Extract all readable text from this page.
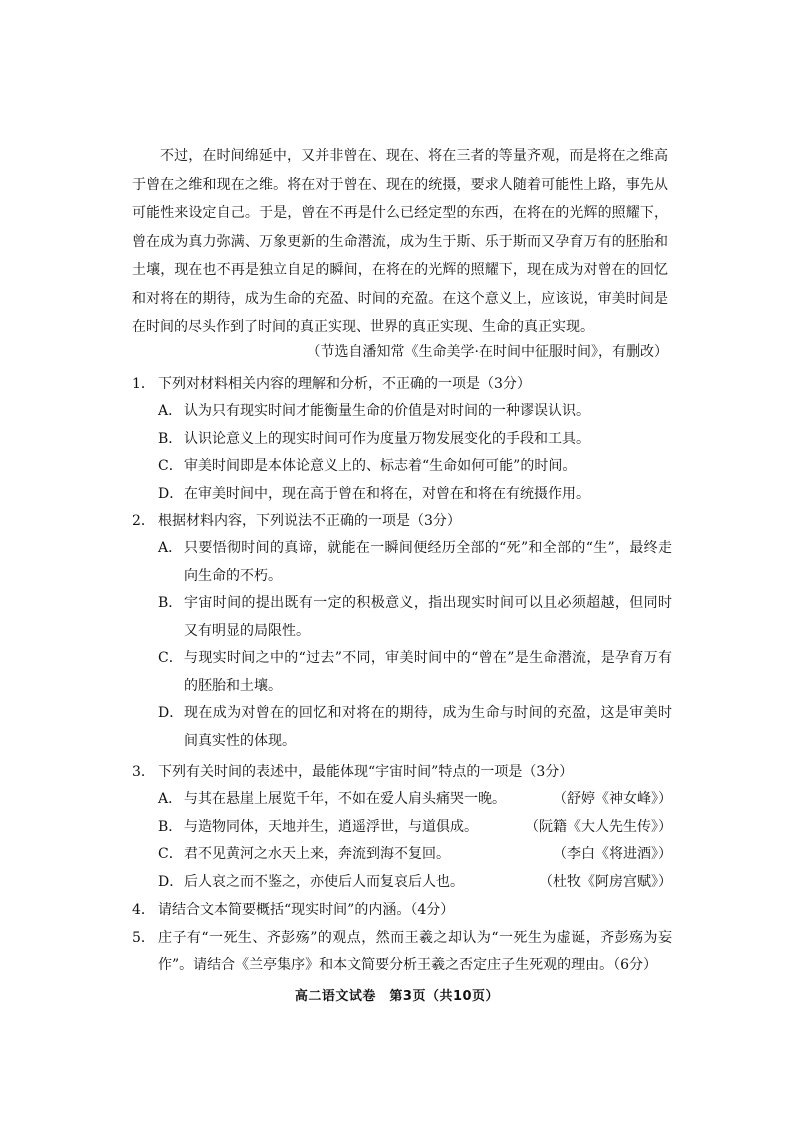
不过，在时间绵延中，又并非曾在、现在、将在三者的等量齐观，而是将在之维高于曾在之维和现在之维。将在对于曾在、现在的统摄，要求人随着可能性上路，事先从可能性来设定自己。于是，曾在不再是什么已经定型的东西，在将在的光辉的照耀下，曾在成为真力弥满、万象更新的生命潜流，成为生于斯、乐于斯而又孕育万有的胚胎和土壤，现在也不再是独立自足的瞬间，在将在的光辉的照耀下，现在成为对曾在的回忆和对将在的期待，成为生命的充盈、时间的充盈。在这个意义上，应该说，审美时间是在时间的尽头作到了时间的真正实现、世界的真正实现、生命的真正实现。
（节选自潘知常《生命美学·在时间中征服时间》，有删改）
1． 下列对材料相关内容的理解和分析，不正确的一项是（3分）
A． 认为只有现实时间才能衡量生命的价值是对时间的一种谬误认识。
B． 认识论意义上的现实时间可作为度量万物发展变化的手段和工具。
C． 审美时间即是本体论意义上的、标志着“生命如何可能”的时间。
D． 在审美时间中，现在高于曾在和将在，对曾在和将在有统摄作用。
2． 根据材料内容，下列说法不正确的一项是（3分）
A． 只要悟彻时间的真谛，就能在一瞬间便经历全部的“死”和全部的“生”，最终走向生命的不朽。
B． 宇宙时间的提出既有一定的积极意义，指出现实时间可以且必须超越，但同时又有明显的局限性。
C． 与现实时间之中的“过去”不同，审美时间中的“曾在”是生命潜流，是孕育万有的胚胎和土壤。
D． 现在成为对曾在的回忆和对将在的期待，成为生命与时间的充盈，这是审美时间真实性的体现。
3． 下列有关时间的表述中，最能体现“宇宙时间”特点的一项是（3分）
A． 与其在悬崖上展览千年，不如在爱人肩头痛哭一晚。	（舒婷《神女峰》）
B． 与造物同体，天地并生，逍遥浮世，与道俱成。	（阮籍《大人先生传》）
C． 君不见黄河之水天上来，奔流到海不复回。	（李白《将进酒》）
D． 后人哀之而不鉴之，亦使后人而复哀后人也。	（杜牧《阿房宫赋》）
4． 请结合文本简要概括“现实时间”的内涵。（4分）
5． 庄子有“一死生、齐彭殇”的观点，然而王羲之却认为“一死生为虚诞，齐彭殇为妄作”。请结合《兰亭集序》和本文简要分析王羲之否定庄子生死观的理由。（6分）
高二语文试卷　第3页（共10页）
